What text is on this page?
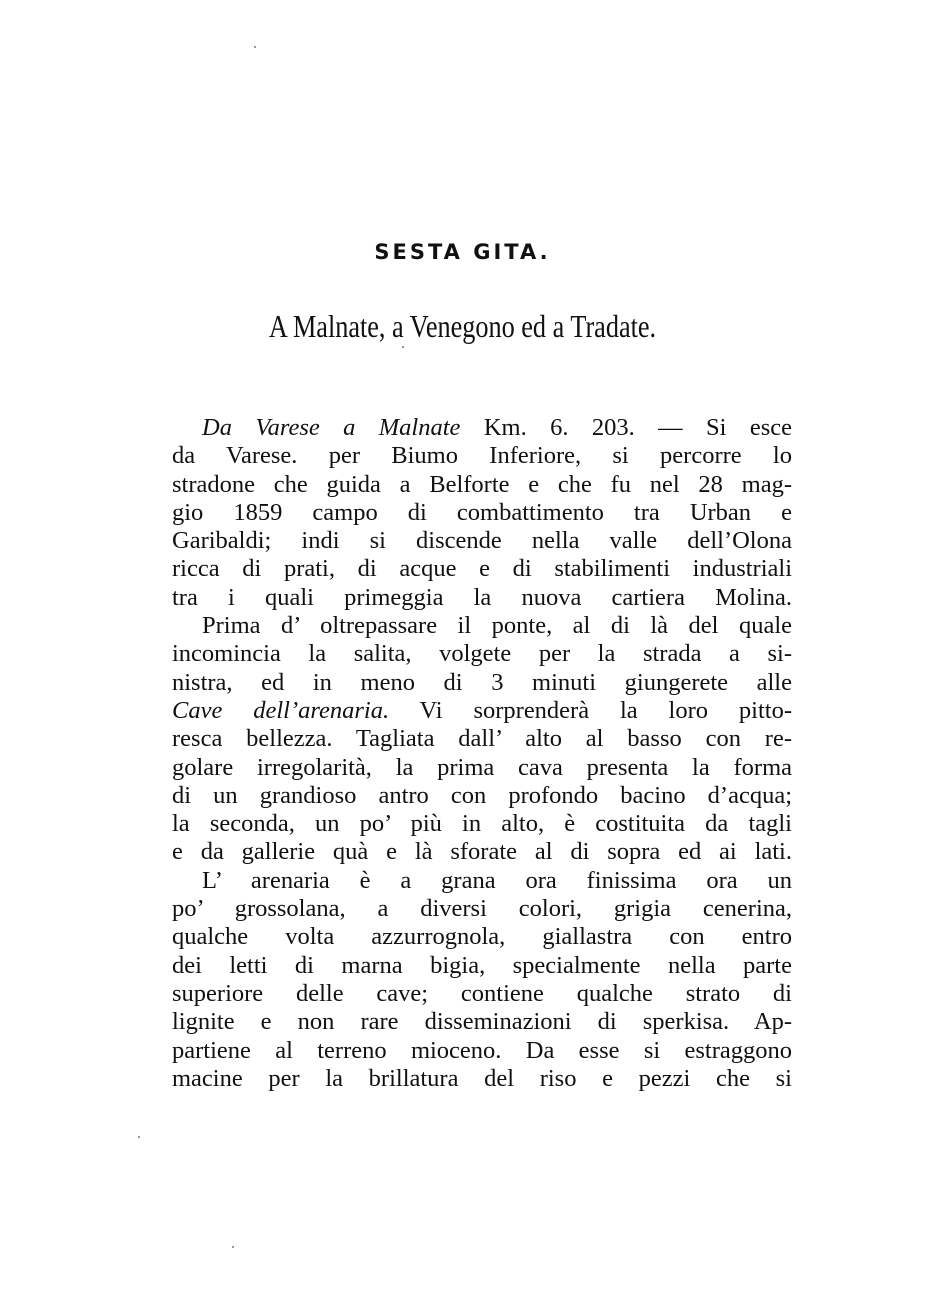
SESTA GITA.
A Malnate, a Venegono ed a Tradate.
Da Varese a Malnate Km. 6. 203. — Si esce
da Varese. per Biumo Inferiore, si percorre lo
stradone che guida a Belforte e che fu nel 28 mag-
gio 1859 campo di combattimento tra Urban e
Garibaldi; indi si discende nella valle dell’Olona
ricca di prati, di acque e di stabilimenti industriali
tra i quali primeggia la nuova cartiera Molina.
Prima d’ oltrepassare il ponte, al di là del quale
incomincia la salita, volgete per la strada a si-
nistra, ed in meno di 3 minuti giungerete alle
Cave dell’arenaria. Vi sorprenderà la loro pitto-
resca bellezza. Tagliata dall’ alto al basso con re-
golare irregolarità, la prima cava presenta la forma
di un grandioso antro con profondo bacino d’acqua;
la seconda, un po’ più in alto, è costituita da tagli
e da gallerie quà e là sforate al di sopra ed ai lati.
L’ arenaria è a grana ora finissima ora un
po’ grossolana, a diversi colori, grigia cenerina,
qualche volta azzurrognola, giallastra con entro
dei letti di marna bigia, specialmente nella parte
superiore delle cave; contiene qualche strato di
lignite e non rare disseminazioni di sperkisa. Ap-
partiene al terreno mioceno. Da esse si estraggono
macine per la brillatura del riso e pezzi che si
